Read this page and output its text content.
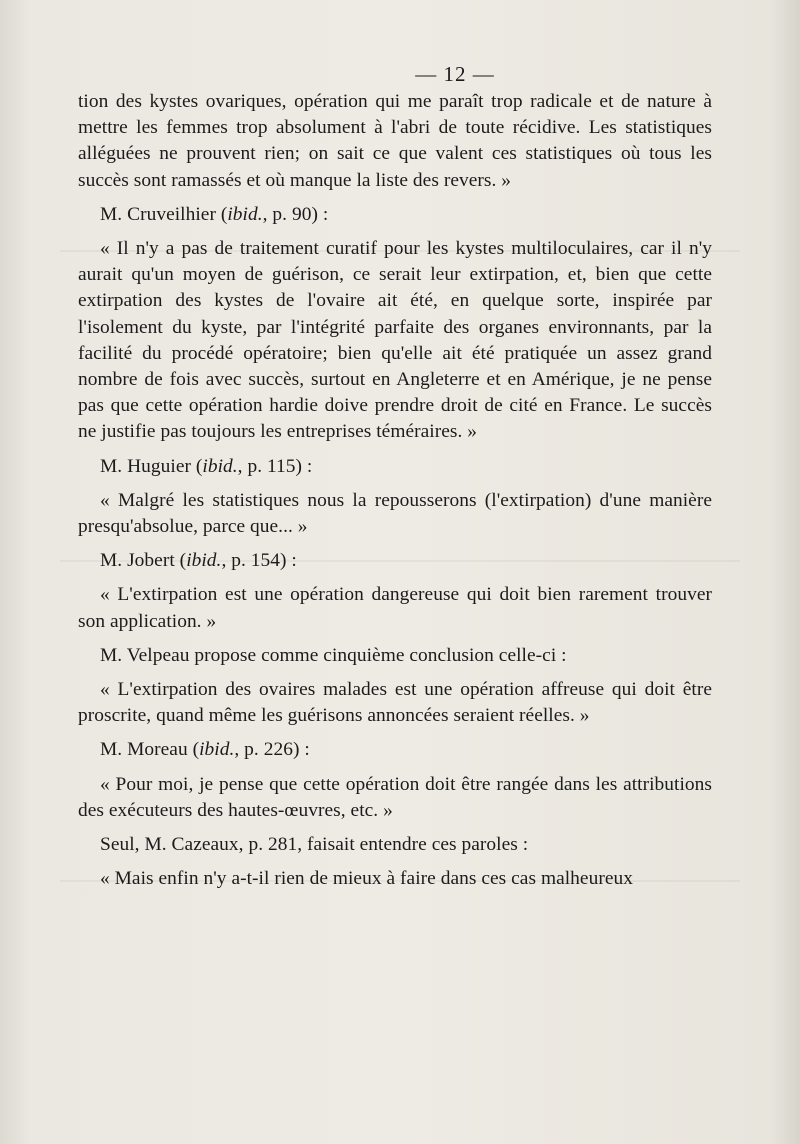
— 12 —

tion des kystes ovariques, opération qui me paraît trop radicale et de nature à mettre les femmes trop absolument à l'abri de toute récidive. Les statistiques alléguées ne prouvent rien; on sait ce que valent ces statistiques où tous les succès sont ramassés et où manque la liste des revers. »

M. Cruveilhier (ibid., p. 90) :

« Il n'y a pas de traitement curatif pour les kystes multiloculaires, car il n'y aurait qu'un moyen de guérison, ce serait leur extirpation, et, bien que cette extirpation des kystes de l'ovaire ait été, en quelque sorte, inspirée par l'isolement du kyste, par l'intégrité parfaite des organes environnants, par la facilité du procédé opératoire; bien qu'elle ait été pratiquée un assez grand nombre de fois avec succès, surtout en Angleterre et en Amérique, je ne pense pas que cette opération hardie doive prendre droit de cité en France. Le succès ne justifie pas toujours les entreprises téméraires. »

M. Huguier (ibid., p. 115) :

« Malgré les statistiques nous la repousserons (l'extirpation) d'une manière presqu'absolue, parce que... »

M. Jobert (ibid., p. 154) :

« L'extirpation est une opération dangereuse qui doit bien rarement trouver son application. »

M. Velpeau propose comme cinquième conclusion celle-ci :

« L'extirpation des ovaires malades est une opération affreuse qui doit être proscrite, quand même les guérisons annoncées seraient réelles. »

M. Moreau (ibid., p. 226) :

« Pour moi, je pense que cette opération doit être rangée dans les attributions des exécuteurs des hautes-œuvres, etc. »

Seul, M. Cazeaux, p. 281, faisait entendre ces paroles :

« Mais enfin n'y a-t-il rien de mieux à faire dans ces cas malheureux
